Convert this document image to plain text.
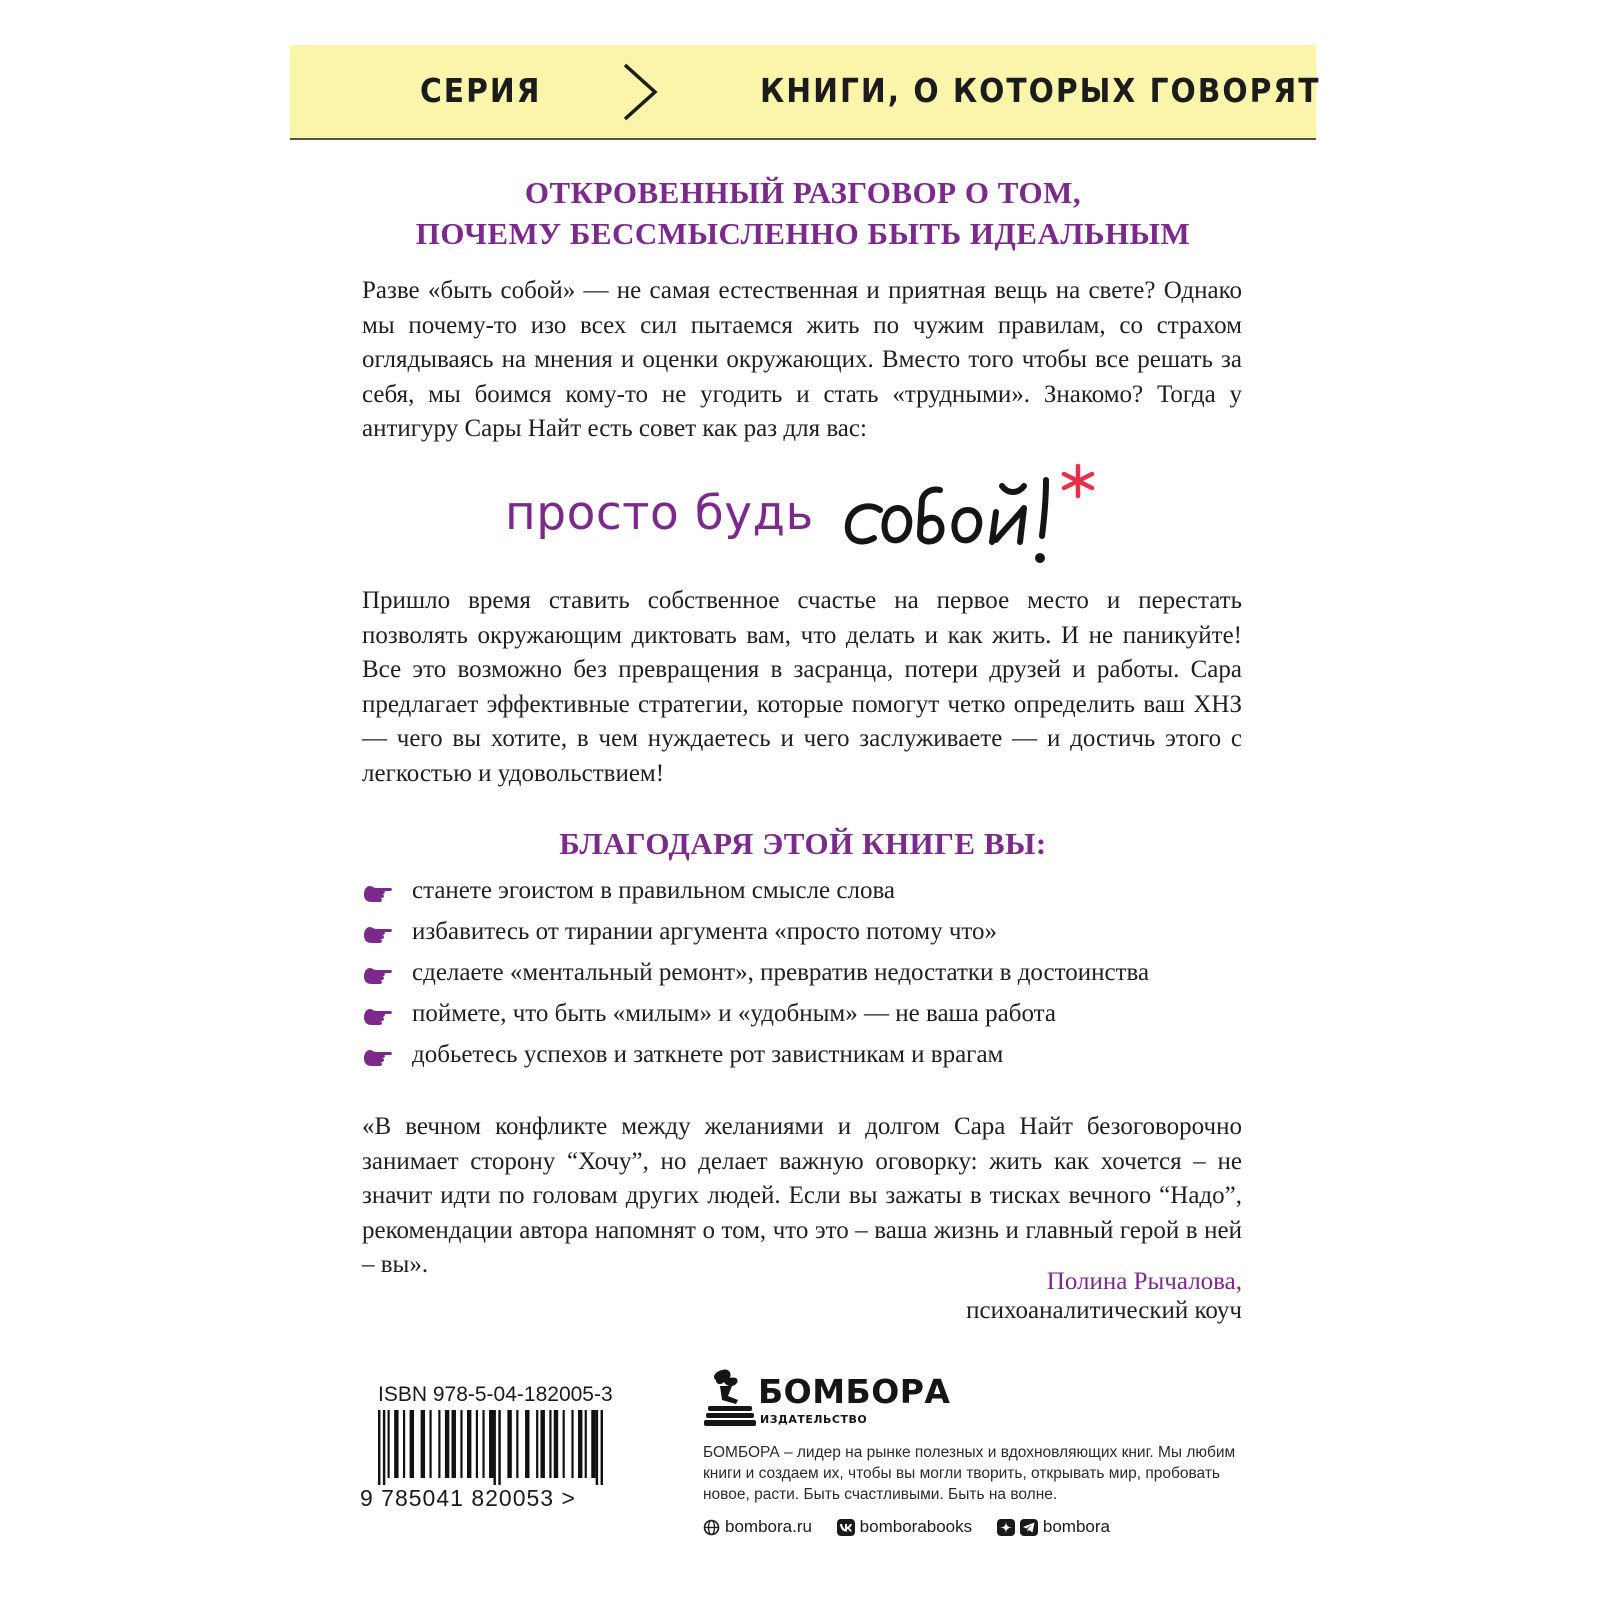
СЕРИЯ	КНИГИ, О КОТОРЫХ ГОВОРЯТ
ОТКРОВЕННЫЙ РАЗГОВОР О ТОМ,
ПОЧЕМУ БЕССМЫСЛЕННО БЫТЬ ИДЕАЛЬНЫМ
Разве «быть собой» — не самая естественная и приятная вещь на свете? Однако мы почему-то изо всех сил пытаемся жить по чужим правилам, со страхом оглядываясь на мнения и оценки окружающих. Вместо того чтобы все решать за себя, мы боимся кому-то не угодить и стать «трудными». Знакомо? Тогда у антигуру Сары Найт есть совет как раз для вас:
просто будь
Пришло время ставить собственное счастье на первое место и перестать позволять окружающим диктовать вам, что делать и как жить. И не паникуйте! Все это возможно без превращения в засранца, потери друзей и работы. Сара предлагает эффективные стратегии, которые помогут четко определить ваш ХНЗ — чего вы хотите, в чем нуждаетесь и чего заслуживаете — и достичь этого с легкостью и удовольствием!
БЛАГОДАРЯ ЭТОЙ КНИГЕ ВЫ:
станете эгоистом в правильном смысле слова
избавитесь от тирании аргумента «просто потому что»
сделаете «ментальный ремонт», превратив недостатки в достоинства
поймете, что быть «милым» и «удобным» — не ваша работа
добьетесь успехов и заткнете рот завистникам и врагам
«В вечном конфликте между желаниями и долгом Сара Найт безоговорочно занимает сторону “Хочу”, но делает важную оговорку: жить как хочется – не значит идти по головам других людей. Если вы зажаты в тисках вечного “Надо”, рекомендации автора напомнят о том, что это – ваша жизнь и главный герой в ней – вы».
Полина Рычалова,
психоаналитический коуч
ISBN 978-5-04-182005-3
9 785041 820053 >
БОМБОРА
ИЗДАТЕЛЬСТВО
БОМБОРА – лидер на рынке полезных и вдохновляющих книг. Мы любим книги и создаем их, чтобы вы могли творить, открывать мир, пробовать новое, расти. Быть счастливыми. Быть на волне.
bombora.ru
	bomborabooks
	bombora
